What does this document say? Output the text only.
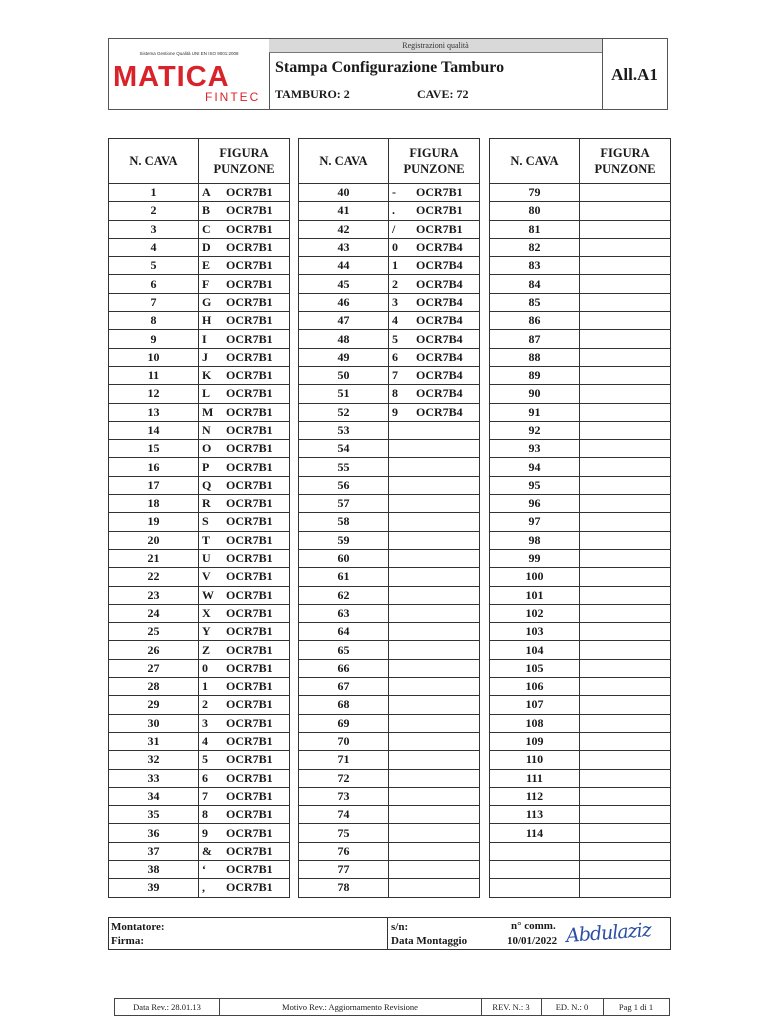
Sistema Gestione Qualità UNI EN ISO 9001:2008
MATICA
FINTEC
Registrazioni qualità
Stampa Configurazione Tamburo
TAMBURO: 2	CAVE: 72
All.A1
N. CAVA	FIGURA
PUNZONE
1	A OCR7B1
2	B OCR7B1
3	C OCR7B1
4	D OCR7B1
5	E OCR7B1
6	F OCR7B1
7	G OCR7B1
8	H OCR7B1
9	I OCR7B1
10	J OCR7B1
11	K OCR7B1
12	L OCR7B1
13	M OCR7B1
14	N OCR7B1
15	O OCR7B1
16	P OCR7B1
17	Q OCR7B1
18	R OCR7B1
19	S OCR7B1
20	T OCR7B1
21	U OCR7B1
22	V OCR7B1
23	W OCR7B1
24	X OCR7B1
25	Y OCR7B1
26	Z OCR7B1
27	0 OCR7B1
28	1 OCR7B1
29	2 OCR7B1
30	3 OCR7B1
31	4 OCR7B1
32	5 OCR7B1
33	6 OCR7B1
34	7 OCR7B1
35	8 OCR7B1
36	9 OCR7B1
37	& OCR7B1
38	‘ OCR7B1
39	, OCR7B1
N. CAVA	FIGURA
PUNZONE
40	- OCR7B1
41	. OCR7B1
42	/ OCR7B1
43	0 OCR7B4
44	1 OCR7B4
45	2 OCR7B4
46	3 OCR7B4
47	4 OCR7B4
48	5 OCR7B4
49	6 OCR7B4
50	7 OCR7B4
51	8 OCR7B4
52	9 OCR7B4
53	
54	
55	
56	
57	
58	
59	
60	
61	
62	
63	
64	
65	
66	
67	
68	
69	
70	
71	
72	
73	
74	
75	
76	
77	
78	
N. CAVA	FIGURA
PUNZONE
79	
80	
81	
82	
83	
84	
85	
86	
87	
88	
89	
90	
91	
92	
93	
94	
95	
96	
97	
98	
99	
100	
101	
102	
103	
104	
105	
106	
107	
108	
109	
110	
111	
112	
113	
114	

Montatore:
Firma:
s/n:
Data Montaggio
n° comm.
10/01/2022 Abdulaziz
Data Rev.: 28.01.13	Motivo Rev.: Aggiornamento Revisione	REV. N.: 3	ED. N.: 0	Pag 1 di 1
